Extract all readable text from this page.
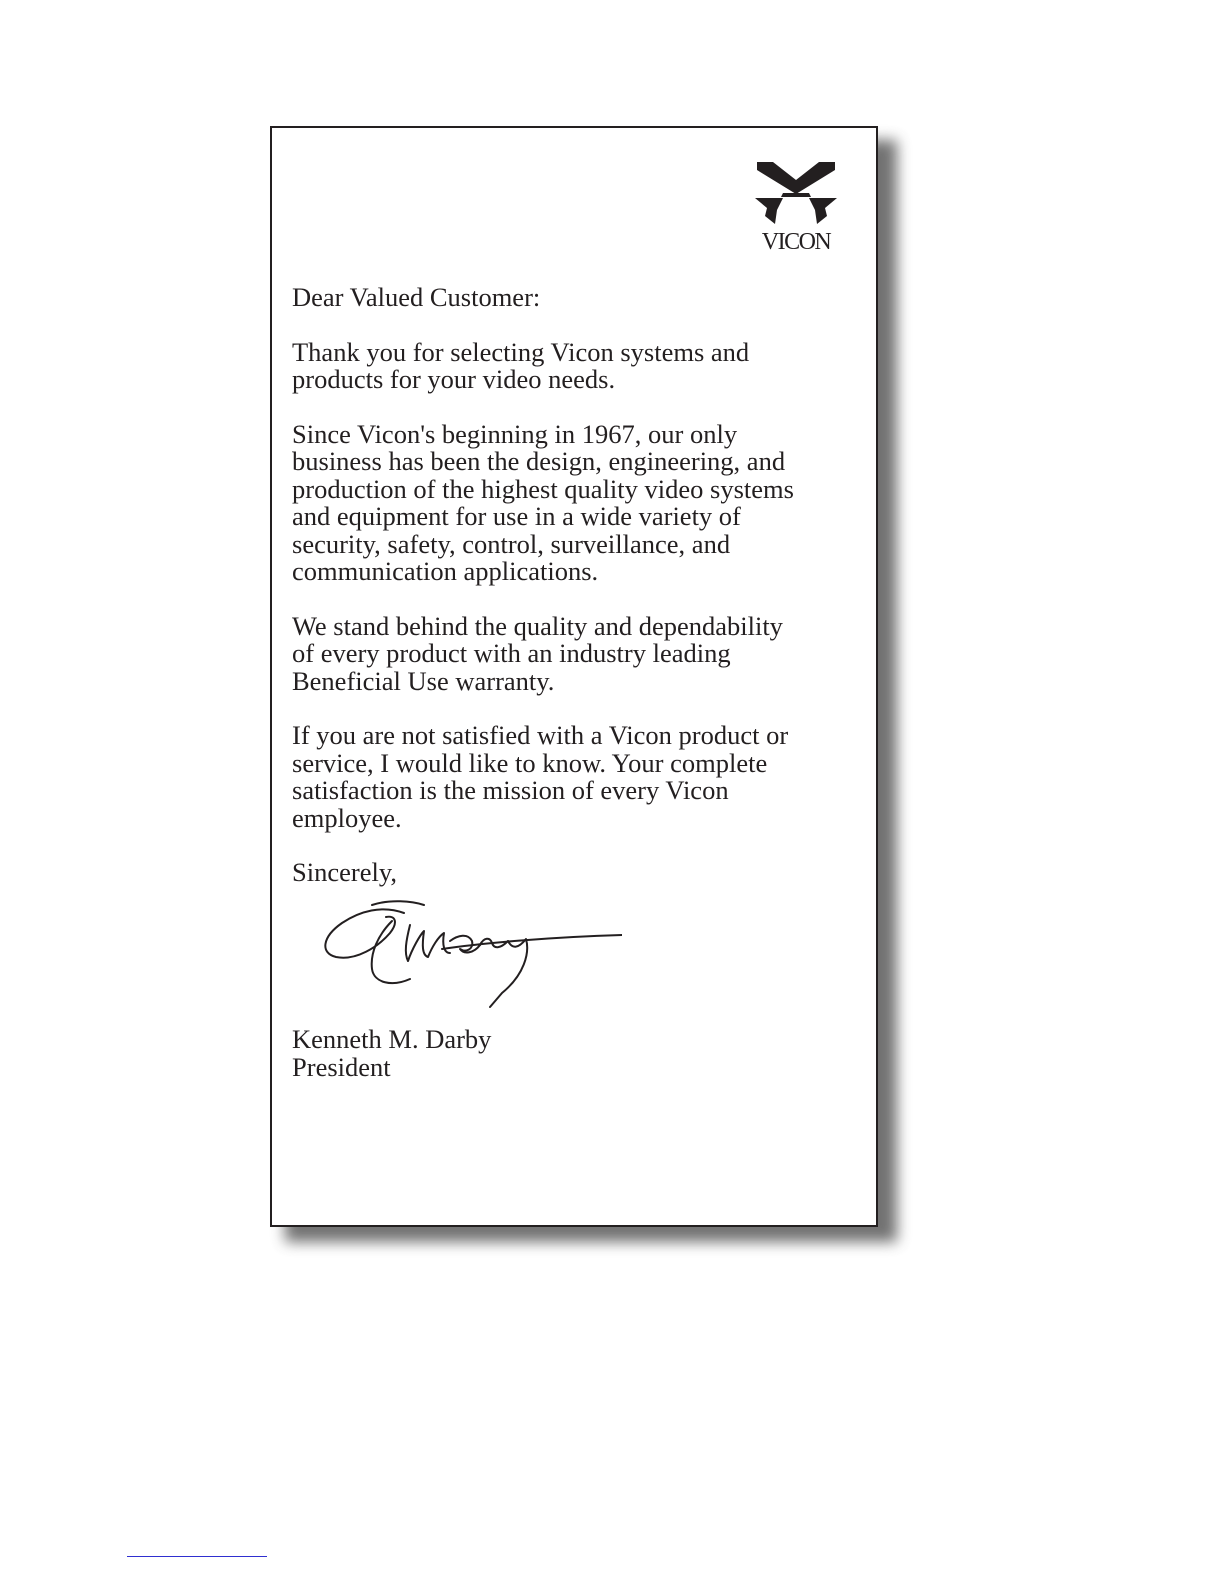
VICON

Dear Valued Customer:

Thank you for selecting Vicon systems and
products for your video needs.

Since Vicon's beginning in 1967, our only
business has been the design, engineering, and
production of the highest quality video systems
and equipment for use in a wide variety of
security, safety, control, surveillance, and
communication applications.

We stand behind the quality and dependability
of every product with an industry leading
Beneficial Use warranty.

If you are not satisfied with a Vicon product or
service, I would like to know. Your complete
satisfaction is the mission of every Vicon
employee.

Sincerely,

Kenneth M. Darby
President
